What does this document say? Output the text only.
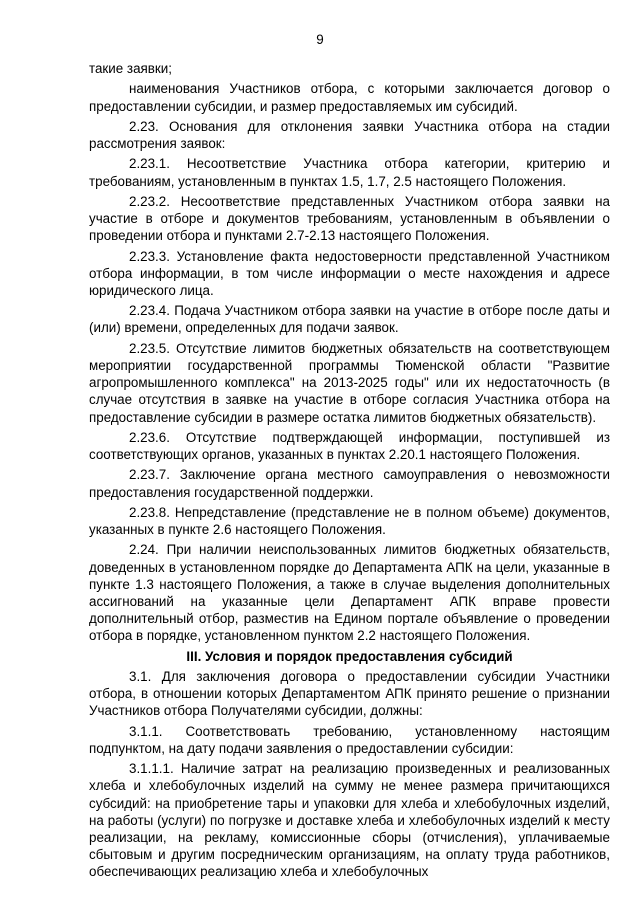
9

такие заявки;

наименования Участников отбора, с которыми заключается договор о предоставлении субсидии, и размер предоставляемых им субсидий.

2.23. Основания для отклонения заявки Участника отбора на стадии рассмотрения заявок:

2.23.1. Несоответствие Участника отбора категории, критерию и требованиям, установленным в пунктах 1.5, 1.7, 2.5 настоящего Положения.

2.23.2. Несоответствие представленных Участником отбора заявки на участие в отборе и документов требованиям, установленным в объявлении о проведении отбора и пунктами 2.7-2.13 настоящего Положения.

2.23.3. Установление факта недостоверности представленной Участником отбора информации, в том числе информации о месте нахождения и адресе юридического лица.

2.23.4. Подача Участником отбора заявки на участие в отборе после даты и (или) времени, определенных для подачи заявок.

2.23.5. Отсутствие лимитов бюджетных обязательств на соответствующем мероприятии государственной программы Тюменской области "Развитие агропромышленного комплекса" на 2013-2025 годы" или их недостаточность (в случае отсутствия в заявке на участие в отборе согласия Участника отбора на предоставление субсидии в размере остатка лимитов бюджетных обязательств).

2.23.6. Отсутствие подтверждающей информации, поступившей из соответствующих органов, указанных в пунктах 2.20.1 настоящего Положения.

2.23.7. Заключение органа местного самоуправления о невозможности предоставления государственной поддержки.

2.23.8. Непредставление (представление не в полном объеме) документов, указанных в пункте 2.6 настоящего Положения.

2.24. При наличии неиспользованных лимитов бюджетных обязательств, доведенных в установленном порядке до Департамента АПК на цели, указанные в пункте 1.3 настоящего Положения, а также в случае выделения дополнительных ассигнований на указанные цели Департамент АПК вправе провести дополнительный отбор, разместив на Едином портале объявление о проведении отбора в порядке, установленном пунктом 2.2 настоящего Положения.

III. Условия и порядок предоставления субсидий

3.1. Для заключения договора о предоставлении субсидии Участники отбора, в отношении которых Департаментом АПК принято решение о признании Участников отбора Получателями субсидии, должны:

3.1.1. Соответствовать требованию, установленному настоящим подпунктом, на дату подачи заявления о предоставлении субсидии:

3.1.1.1. Наличие затрат на реализацию произведенных и реализованных хлеба и хлебобулочных изделий на сумму не менее размера причитающихся субсидий: на приобретение тары и упаковки для хлеба и хлебобулочных изделий, на работы (услуги) по погрузке и доставке хлеба и хлебобулочных изделий к месту реализации, на рекламу, комиссионные сборы (отчисления), уплачиваемые сбытовым и другим посредническим организациям, на оплату труда работников, обеспечивающих реализацию хлеба и хлебобулочных
